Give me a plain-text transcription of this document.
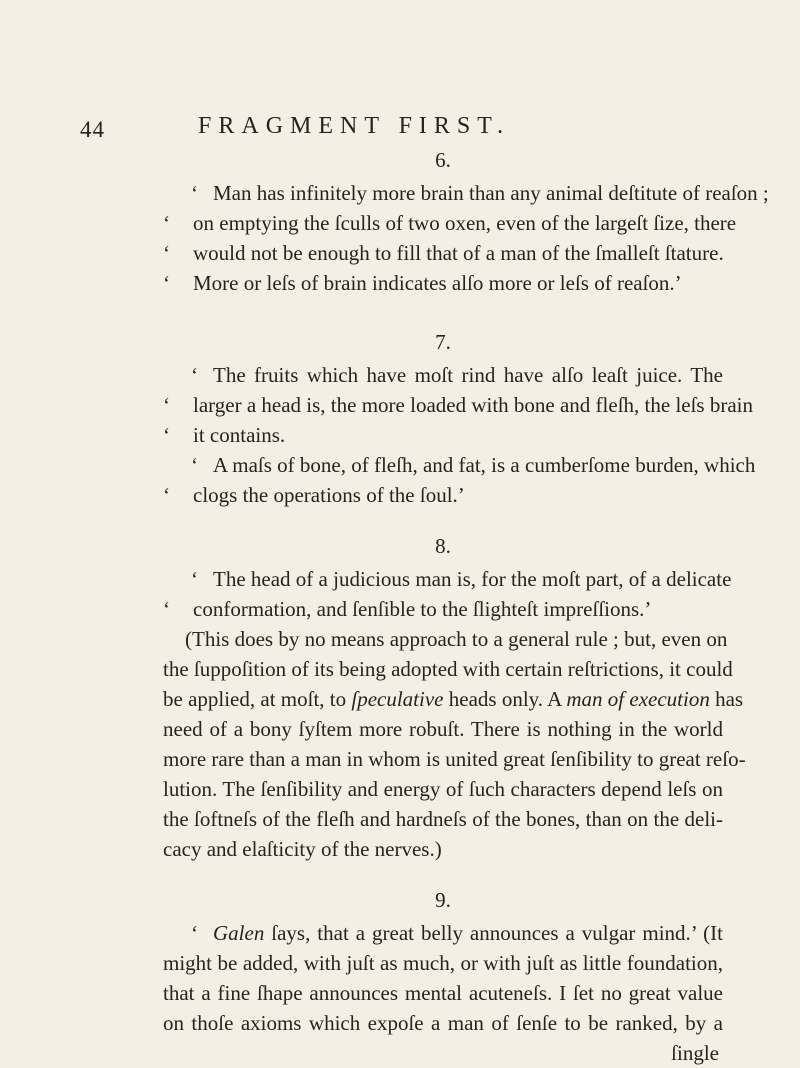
44	FRAGMENT FIRST.
6.
‘ Man has infinitely more brain than any animal deſtitute of reaſon ;
‘ on emptying the ſculls of two oxen, even of the largeſt ſize, there
‘ would not be enough to fill that of a man of the ſmalleſt ſtature.
‘ More or leſs of brain indicates alſo more or leſs of reaſon.’
7.
‘ The fruits which have moſt rind have alſo leaſt juice. The
‘ larger a head is, the more loaded with bone and fleſh, the leſs brain
‘ it contains.
‘ A maſs of bone, of fleſh, and fat, is a cumberſome burden, which
‘ clogs the operations of the ſoul.’
8.
‘ The head of a judicious man is, for the moſt part, of a delicate
‘ conformation, and ſenſible to the ſlighteſt impreſſions.’
(This does by no means approach to a general rule ; but, even on
the ſuppoſition of its being adopted with certain reſtrictions, it could
be applied, at moſt, to ſpeculative heads only. A man of execution has
need of a bony ſyſtem more robuſt. There is nothing in the world
more rare than a man in whom is united great ſenſibility to great reſo-
lution. The ſenſibility and energy of ſuch characters depend leſs on
the ſoftneſs of the fleſh and hardneſs of the bones, than on the deli-
cacy and elaſticity of the nerves.)
9.
‘ Galen ſays, that a great belly announces a vulgar mind.’ (It
might be added, with juſt as much, or with juſt as little foundation,
that a fine ſhape announces mental acuteneſs. I ſet no great value
on thoſe axioms which expoſe a man of ſenſe to be ranked, by a
ſingle
